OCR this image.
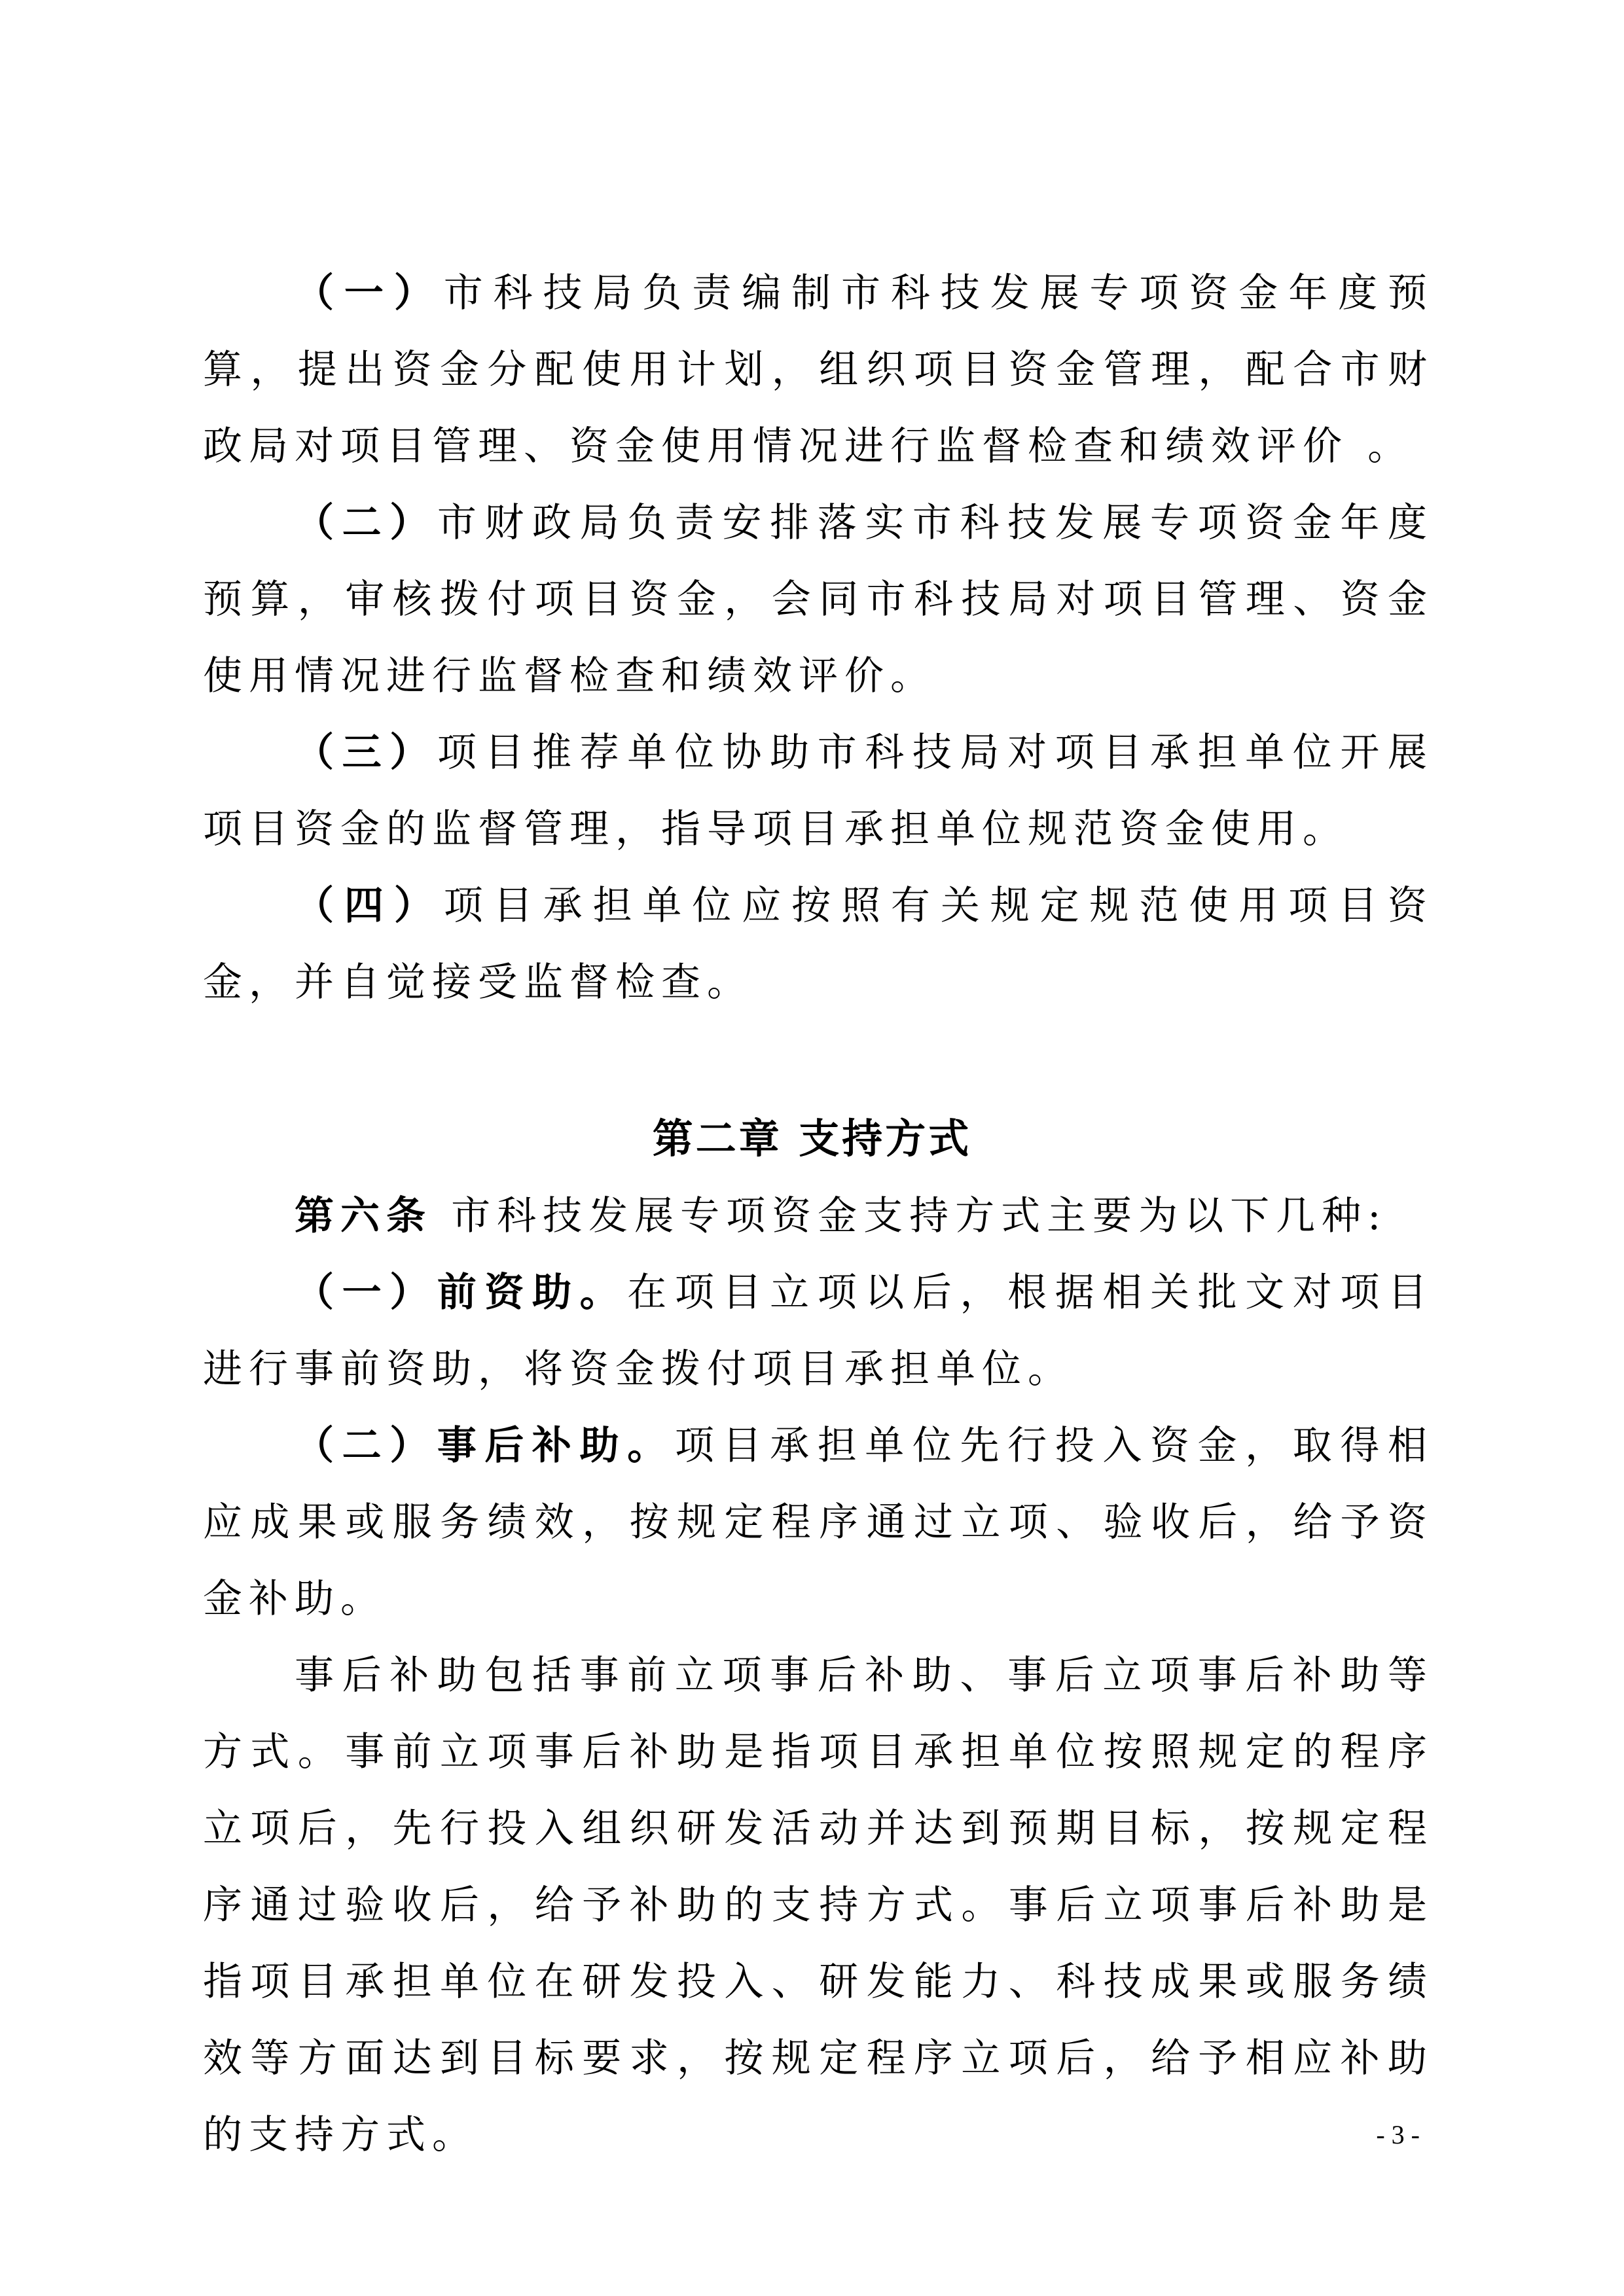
（一）市科技局负责编制市科技发展专项资金年度预算，提出资金分配使用计划，组织项目资金管理，配合市财政局对项目管理、资金使用情况进行监督检查和绩效评价 。

（二）市财政局负责安排落实市科技发展专项资金年度预算，审核拨付项目资金，会同市科技局对项目管理、资金使用情况进行监督检查和绩效评价。

（三）项目推荐单位协助市科技局对项目承担单位开展项目资金的监督管理，指导项目承担单位规范资金使用。

（四）项目承担单位应按照有关规定规范使用项目资金，并自觉接受监督检查。

第二章 支持方式

第六条 市科技发展专项资金支持方式主要为以下几种:

（一）前资助。在项目立项以后，根据相关批文对项目进行事前资助，将资金拨付项目承担单位。

（二）事后补助。项目承担单位先行投入资金，取得相应成果或服务绩效，按规定程序通过立项、验收后，给予资金补助。

事后补助包括事前立项事后补助、事后立项事后补助等方式。事前立项事后补助是指项目承担单位按照规定的程序立项后，先行投入组织研发活动并达到预期目标，按规定程序通过验收后，给予补助的支持方式。事后立项事后补助是指项目承担单位在研发投入、研发能力、科技成果或服务绩效等方面达到目标要求，按规定程序立项后，给予相应补助的支持方式。	- 3 -
